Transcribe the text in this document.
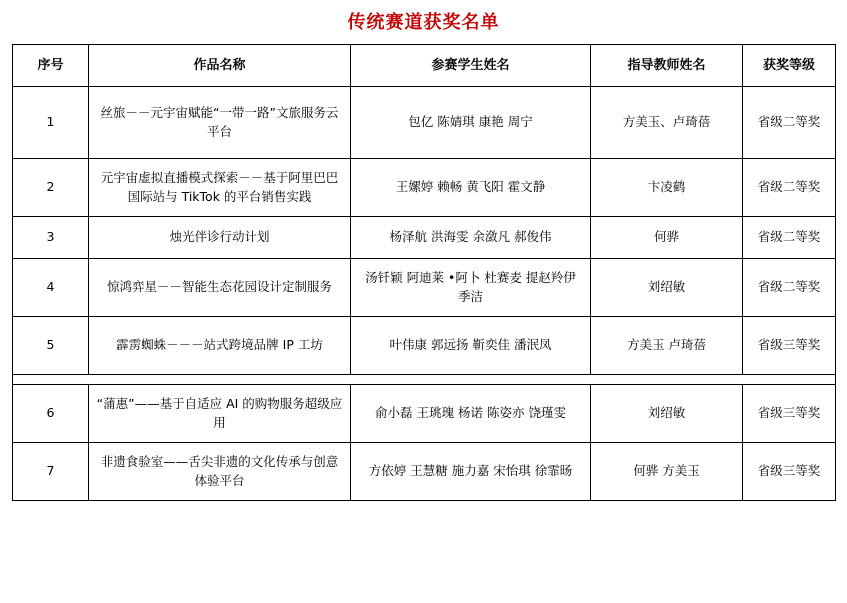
传统赛道获奖名单
序号	作品名称	参赛学生姓名	指导教师姓名	获奖等级
1	丝旅－－元宇宙赋能“一带一路”文旅服务云平台	包亿 陈婧琪 康艳 周宁	方美玉、卢琦蓓	省级二等奖
2	元宇宙虚拟直播模式探索－－基于阿里巴巴国际站与 TikTok 的平台销售实践	王嫘婷 赖畅 黄飞阳 霍文静	卞凌鹤	省级二等奖
3	烛光伴诊行动计划	杨泽航 洪海雯 余潋凡 郝俊伟	何骅	省级二等奖
4	惊鸿弈星－－智能生态花园设计定制服务	汤钎颖 阿迪莱 •阿卜 杜赛麦 提赵羚伊 季洁	刘绍敏	省级二等奖
5	霹雳蜘蛛－－－站式跨境品牌 IP 工坊	叶伟康 郭远扬 靳奕佳 潘泯凤	方美玉 卢琦蓓	省级三等奖

6	“蒲惠”——基于自适应 AI 的购物服务超级应用	俞小磊 王珧瑰 杨诺 陈姿亦 饶瑾雯	刘绍敏	省级三等奖
7	非遗食验室——舌尖非遗的文化传承与创意体验平台	方依婷 王慧糖 施力嘉 宋怡琪 徐霏旸	何骅 方美玉	省级三等奖
